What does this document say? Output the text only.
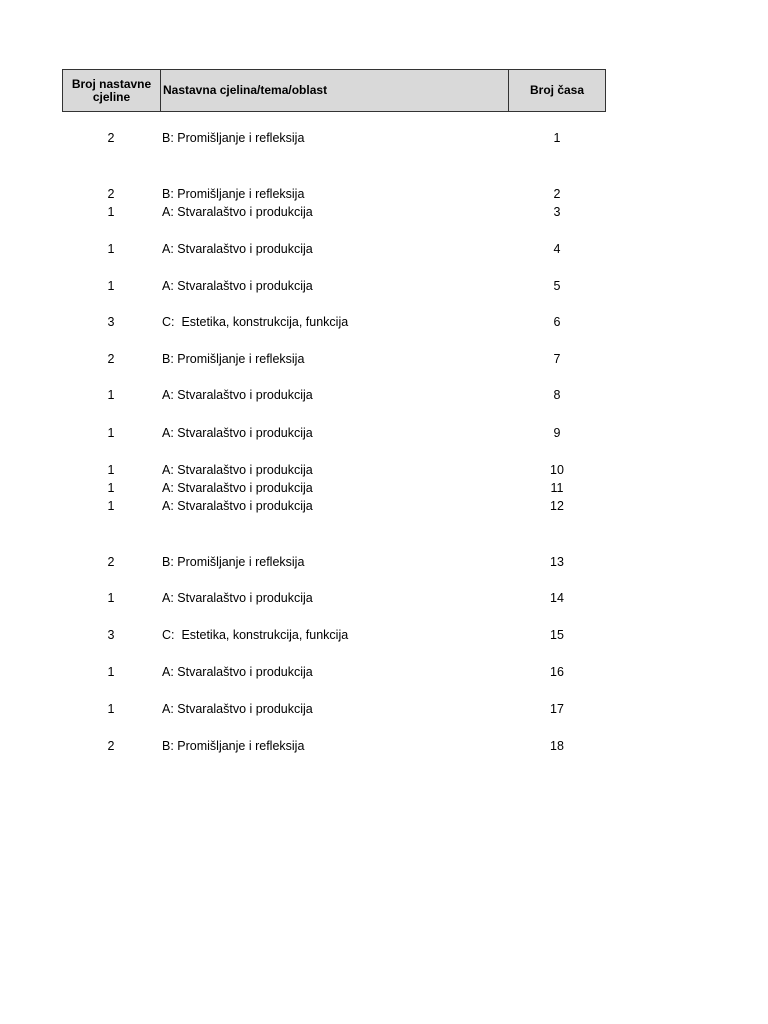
Broj nastavne cjeline	Nastavna cjelina/tema/oblast	Broj časa
2	B: Promišljanje i refleksija	1
2	B: Promišljanje i refleksija	2
1	A: Stvaralaštvo i produkcija	3
1	A: Stvaralaštvo i produkcija	4
1	A: Stvaralaštvo i produkcija	5
3	C:  Estetika, konstrukcija, funkcija	6
2	B: Promišljanje i refleksija	7
1	A: Stvaralaštvo i produkcija	8
1	A: Stvaralaštvo i produkcija	9
1	A: Stvaralaštvo i produkcija	10
1	A: Stvaralaštvo i produkcija	11
1	A: Stvaralaštvo i produkcija	12
2	B: Promišljanje i refleksija	13
1	A: Stvaralaštvo i produkcija	14
3	C:  Estetika, konstrukcija, funkcija	15
1	A: Stvaralaštvo i produkcija	16
1	A: Stvaralaštvo i produkcija	17
2	B: Promišljanje i refleksija	18
